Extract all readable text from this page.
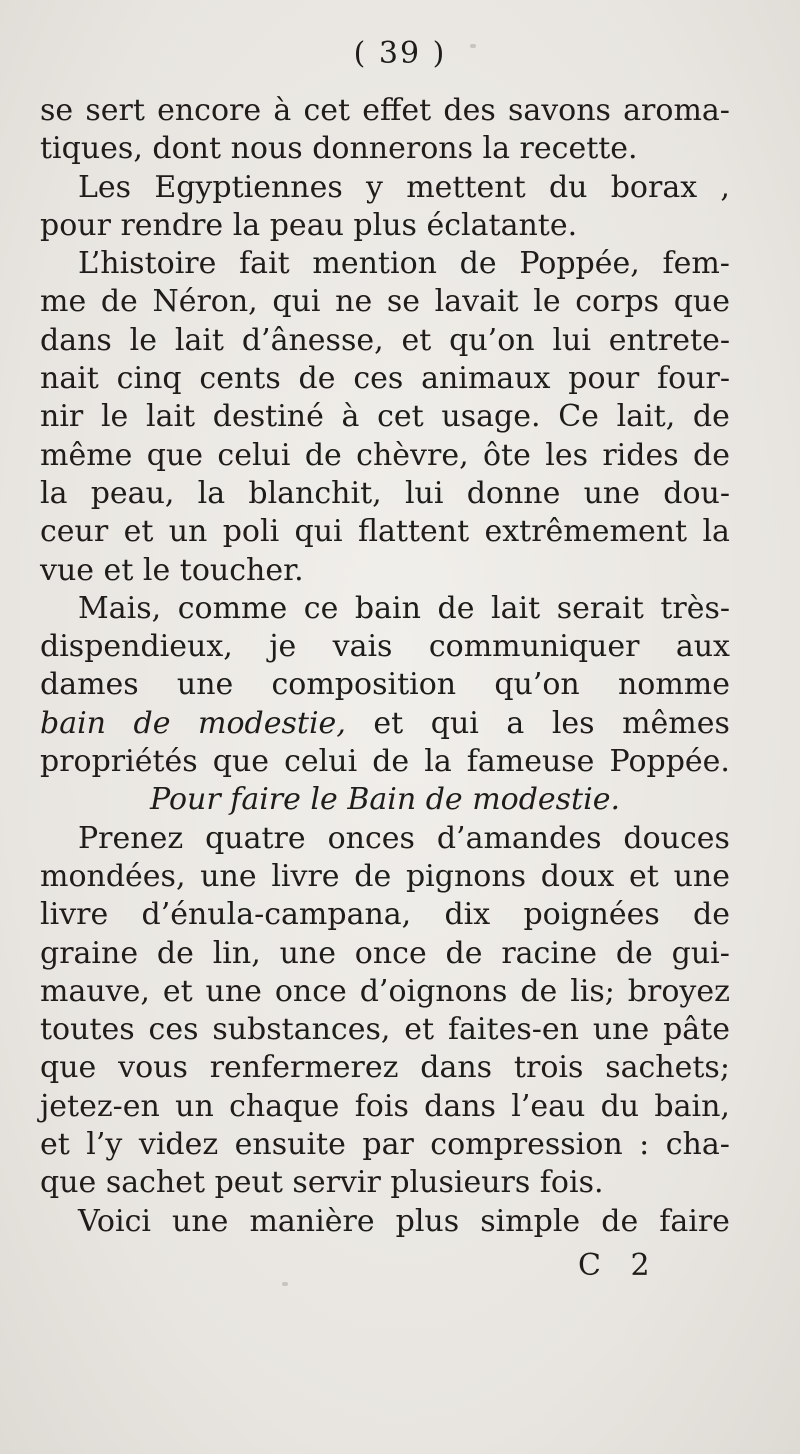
( 39 )
se sert encore à cet effet des savons aroma-
tiques, dont nous donnerons la recette.
Les Egyptiennes y mettent du borax ,
pour rendre la peau plus éclatante.
L’histoire fait mention de Poppée, fem-
me de Néron, qui ne se lavait le corps que
dans le lait d’ânesse, et qu’on lui entrete-
nait cinq cents de ces animaux pour four-
nir le lait destiné à cet usage. Ce lait, de
même que celui de chèvre, ôte les rides de
la peau, la blanchit, lui donne une dou-
ceur et un poli qui flattent extrêmement la
vue et le toucher.
Mais, comme ce bain de lait serait très-
dispendieux, je vais communiquer aux
dames une composition qu’on nomme
bain de modestie, et qui a les mêmes
propriétés que celui de la fameuse Poppée.
Pour faire le Bain de modestie.
Prenez quatre onces d’amandes douces
mondées, une livre de pignons doux et une
livre d’énula-campana, dix poignées de
graine de lin, une once de racine de gui-
mauve, et une once d’oignons de lis; broyez
toutes ces substances, et faites-en une pâte
que vous renfermerez dans trois sachets;
jetez-en un chaque fois dans l’eau du bain,
et l’y videz ensuite par compression : cha-
que sachet peut servir plusieurs fois.
Voici une manière plus simple de faire
C 2
